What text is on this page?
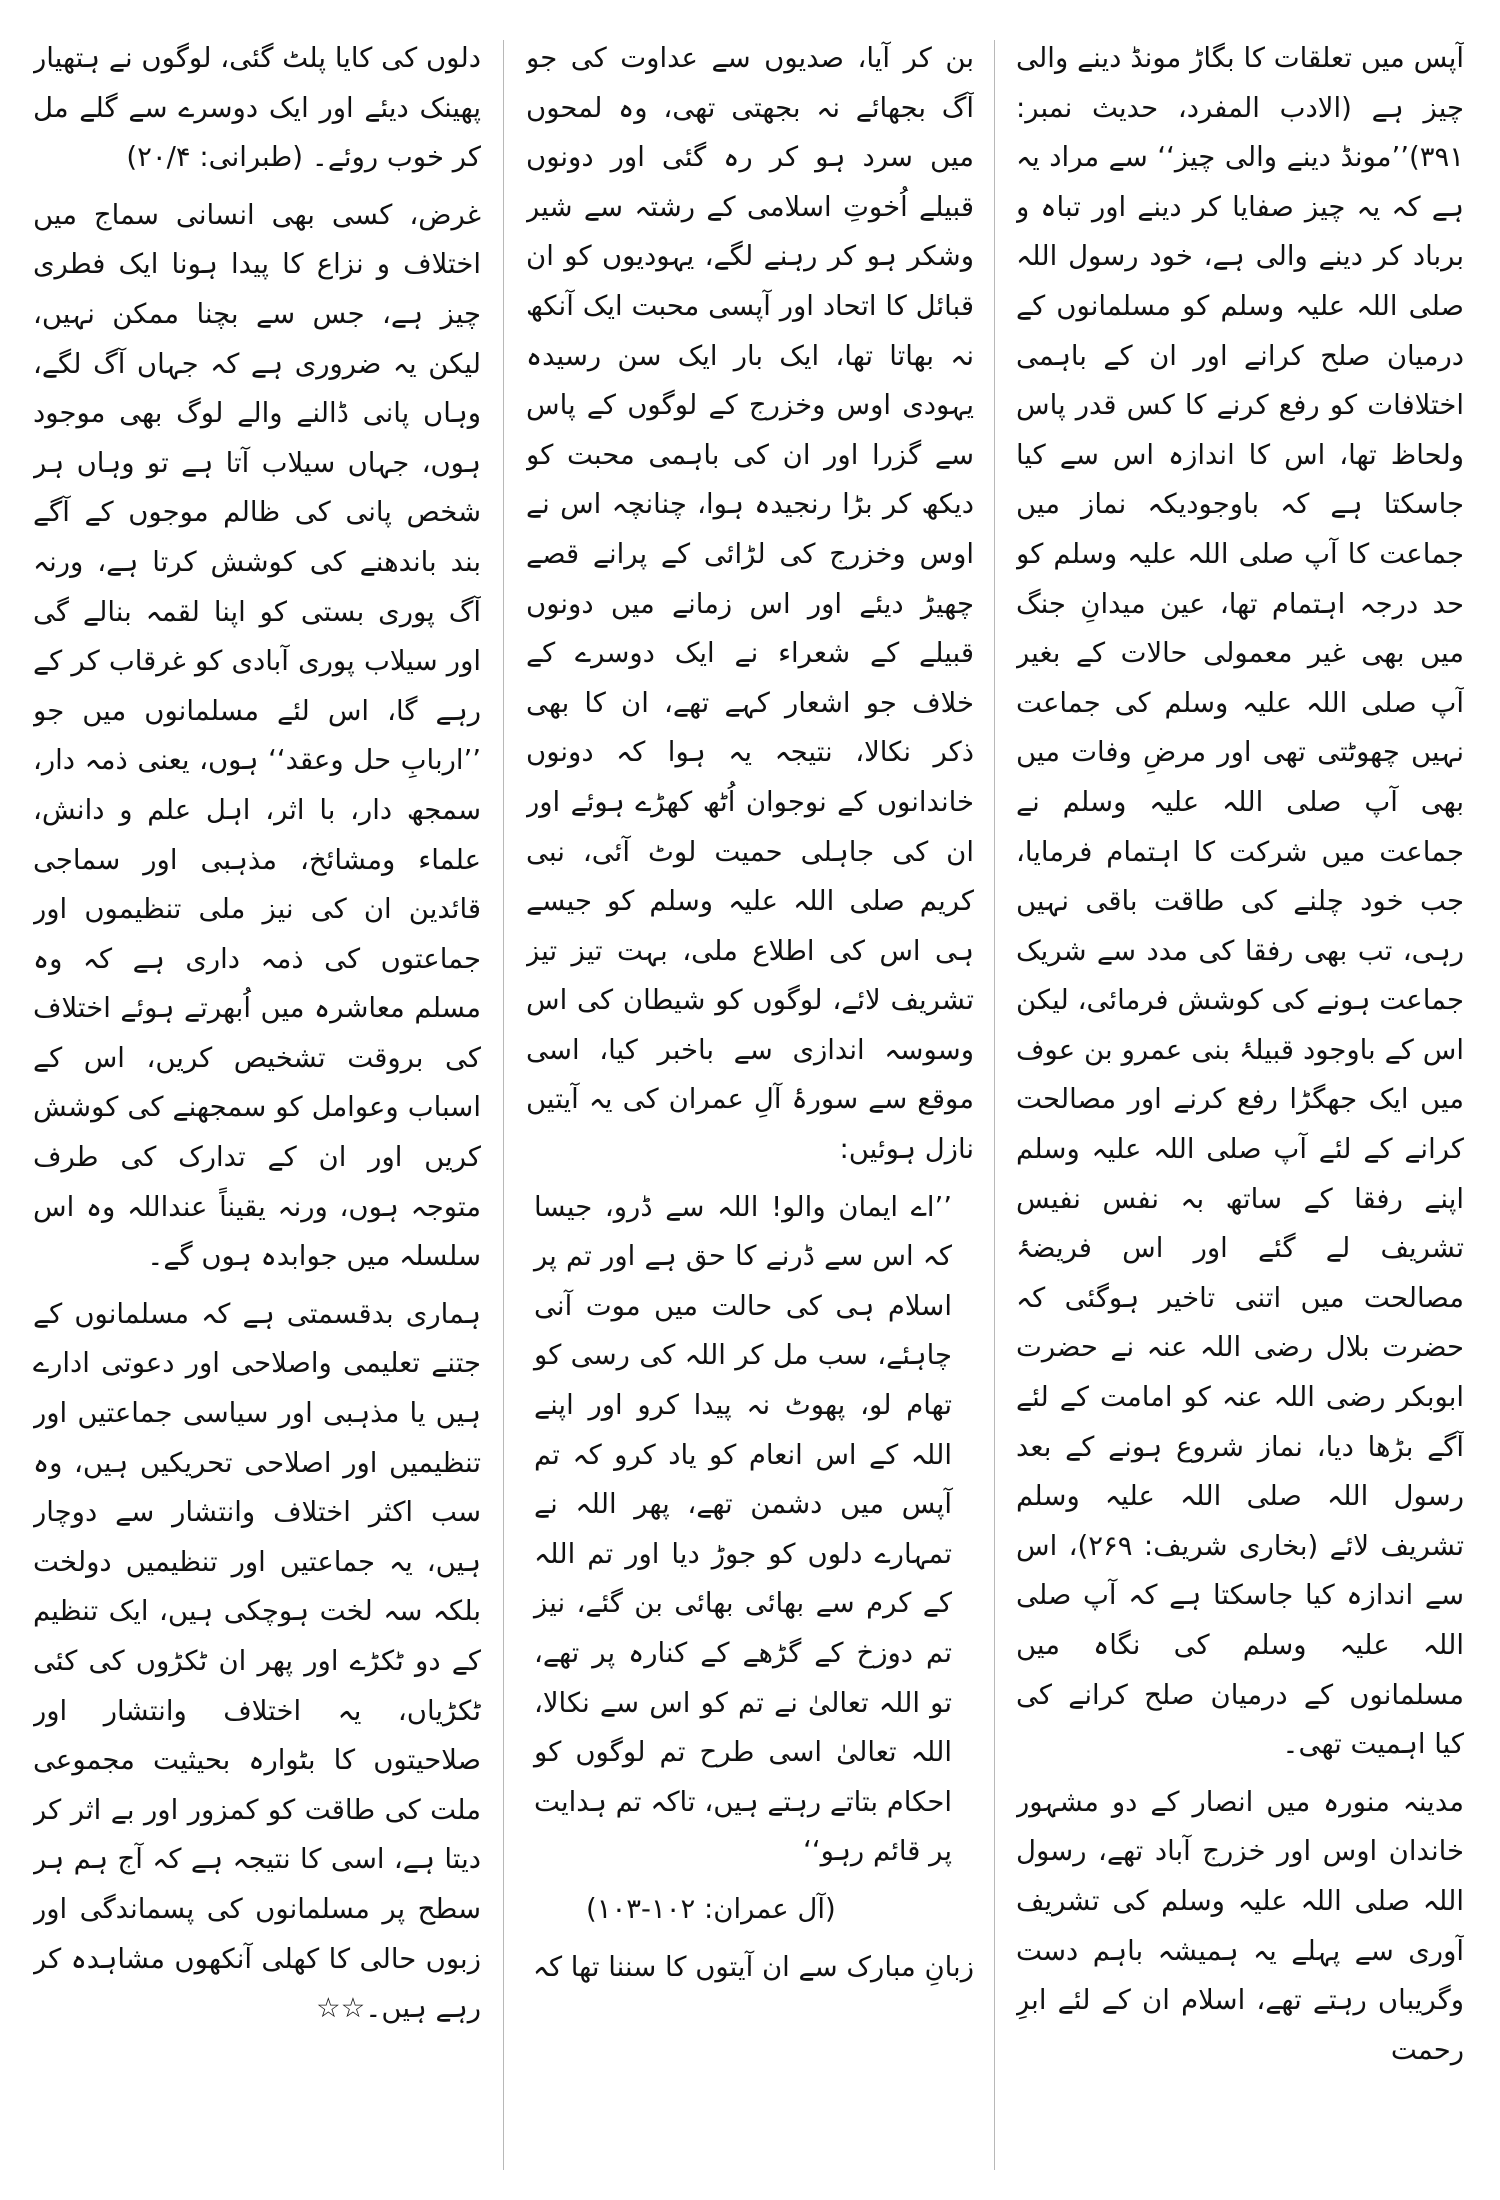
آپس میں تعلقات کا بگاڑ مونڈ دینے والی چیز ہے (الادب المفرد، حدیث نمبر: ۳۹۱)’’مونڈ دینے والی چیز‘‘ سے مراد یہ ہے کہ یہ چیز صفایا کر دینے اور تباہ و برباد کر دینے والی ہے، خود رسول اللہ صلی اللہ علیہ وسلم کو مسلمانوں کے درمیان صلح کرانے اور ان کے باہمی اختلافات کو رفع کرنے کا کس قدر پاس ولحاظ تھا، اس کا اندازہ اس سے کیا جاسکتا ہے کہ باوجودیکہ نماز میں جماعت کا آپ صلی اللہ علیہ وسلم کو حد درجہ اہتمام تھا، عین میدانِ جنگ میں بھی غیر معمولی حالات کے بغیر آپ صلی اللہ علیہ وسلم کی جماعت نہیں چھوٹتی تھی اور مرضِ وفات میں بھی آپ صلی اللہ علیہ وسلم نے جماعت میں شرکت کا اہتمام فرمایا، جب خود چلنے کی طاقت باقی نہیں رہی، تب بھی رفقا کی مدد سے شریک جماعت ہونے کی کوشش فرمائی، لیکن اس کے باوجود قبیلۂ بنی عمرو بن عوف میں ایک جھگڑا رفع کرنے اور مصالحت کرانے کے لئے آپ صلی اللہ علیہ وسلم اپنے رفقا کے ساتھ بہ نفس نفیس تشریف لے گئے اور اس فریضۂ مصالحت میں اتنی تاخیر ہوگئی کہ حضرت بلال رضی اللہ عنہ نے حضرت ابوبکر رضی اللہ عنہ کو امامت کے لئے آگے بڑھا دیا، نماز شروع ہونے کے بعد رسول اللہ صلی اللہ علیہ وسلم تشریف لائے (بخاری شریف: ۲۶۹)، اس سے اندازہ کیا جاسکتا ہے کہ آپ صلی اللہ علیہ وسلم کی نگاہ میں مسلمانوں کے درمیان صلح کرانے کی کیا اہمیت تھی۔

مدینہ منورہ میں انصار کے دو مشہور خاندان اوس اور خزرج آباد تھے، رسول اللہ صلی اللہ علیہ وسلم کی تشریف آوری سے پہلے یہ ہمیشہ باہم دست وگریباں رہتے تھے، اسلام ان کے لئے ابرِ رحمت

بن کر آیا، صدیوں سے عداوت کی جو آگ بجھائے نہ بجھتی تھی، وہ لمحوں میں سرد ہو کر رہ گئی اور دونوں قبیلے اُخوتِ اسلامی کے رشتہ سے شیر وشکر ہو کر رہنے لگے، یہودیوں کو ان قبائل کا اتحاد اور آپسی محبت ایک آنکھ نہ بھاتا تھا، ایک بار ایک سن رسیدہ یہودی اوس وخزرج کے لوگوں کے پاس سے گزرا اور ان کی باہمی محبت کو دیکھ کر بڑا رنجیدہ ہوا، چنانچہ اس نے اوس وخزرج کی لڑائی کے پرانے قصے چھیڑ دیئے اور اس زمانے میں دونوں قبیلے کے شعراء نے ایک دوسرے کے خلاف جو اشعار کہے تھے، ان کا بھی ذکر نکالا، نتیجہ یہ ہوا کہ دونوں خاندانوں کے نوجوان اُٹھ کھڑے ہوئے اور ان کی جاہلی حمیت لوٹ آئی، نبی کریم صلی اللہ علیہ وسلم کو جیسے ہی اس کی اطلاع ملی، بہت تیز تیز تشریف لائے، لوگوں کو شیطان کی اس وسوسہ اندازی سے باخبر کیا، اسی موقع سے سورۂ آلِ عمران کی یہ آیتیں نازل ہوئیں:

’’اے ایمان والو! اللہ سے ڈرو، جیسا کہ اس سے ڈرنے کا حق ہے اور تم پر اسلام ہی کی حالت میں موت آنی چاہئے، سب مل کر اللہ کی رسی کو تھام لو، پھوٹ نہ پیدا کرو اور اپنے اللہ کے اس انعام کو یاد کرو کہ تم آپس میں دشمن تھے، پھر اللہ نے تمہارے دلوں کو جوڑ دیا اور تم اللہ کے کرم سے بھائی بھائی بن گئے، نیز تم دوزخ کے گڑھے کے کنارہ پر تھے، تو اللہ تعالیٰ نے تم کو اس سے نکالا، اللہ تعالیٰ اسی طرح تم لوگوں کو احکام بتاتے رہتے ہیں، تاکہ تم ہدایت پر قائم رہو‘‘

(آل عمران: ۱۰۲-۱۰۳)

زبانِ مبارک سے ان آیتوں کا سننا تھا کہ

دلوں کی کایا پلٹ گئی، لوگوں نے ہتھیار پھینک دیئے اور ایک دوسرے سے گلے مل کر خوب روئے۔ (طبرانی: ۲۰/۴)

غرض، کسی بھی انسانی سماج میں اختلاف و نزاع کا پیدا ہونا ایک فطری چیز ہے، جس سے بچنا ممکن نہیں، لیکن یہ ضروری ہے کہ جہاں آگ لگے، وہاں پانی ڈالنے والے لوگ بھی موجود ہوں، جہاں سیلاب آتا ہے تو وہاں ہر شخص پانی کی ظالم موجوں کے آگے بند باندھنے کی کوشش کرتا ہے، ورنہ آگ پوری بستی کو اپنا لقمہ بنالے گی اور سیلاب پوری آبادی کو غرقاب کر کے رہے گا، اس لئے مسلمانوں میں جو ’’اربابِ حل وعقد‘‘ ہوں، یعنی ذمہ دار، سمجھ دار، با اثر، اہل علم و دانش، علماء ومشائخ، مذہبی اور سماجی قائدین ان کی نیز ملی تنظیموں اور جماعتوں کی ذمہ داری ہے کہ وہ مسلم معاشرہ میں اُبھرتے ہوئے اختلاف کی بروقت تشخیص کریں، اس کے اسباب وعوامل کو سمجھنے کی کوشش کریں اور ان کے تدارک کی طرف متوجہ ہوں، ورنہ یقیناً عنداللہ وہ اس سلسلہ میں جوابدہ ہوں گے۔

ہماری بدقسمتی ہے کہ مسلمانوں کے جتنے تعلیمی واصلاحی اور دعوتی ادارے ہیں یا مذہبی اور سیاسی جماعتیں اور تنظیمیں اور اصلاحی تحریکیں ہیں، وہ سب اکثر اختلاف وانتشار سے دوچار ہیں، یہ جماعتیں اور تنظیمیں دولخت بلکہ سہ لخت ہوچکی ہیں، ایک تنظیم کے دو ٹکڑے اور پھر ان ٹکڑوں کی کئی ٹکڑیاں، یہ اختلاف وانتشار اور صلاحیتوں کا بٹوارہ بحیثیت مجموعی ملت کی طاقت کو کمزور اور بے اثر کر دیتا ہے، اسی کا نتیجہ ہے کہ آج ہم ہر سطح پر مسلمانوں کی پسماندگی اور زبوں حالی کا کھلی آنکھوں مشاہدہ کر رہے ہیں۔☆☆
